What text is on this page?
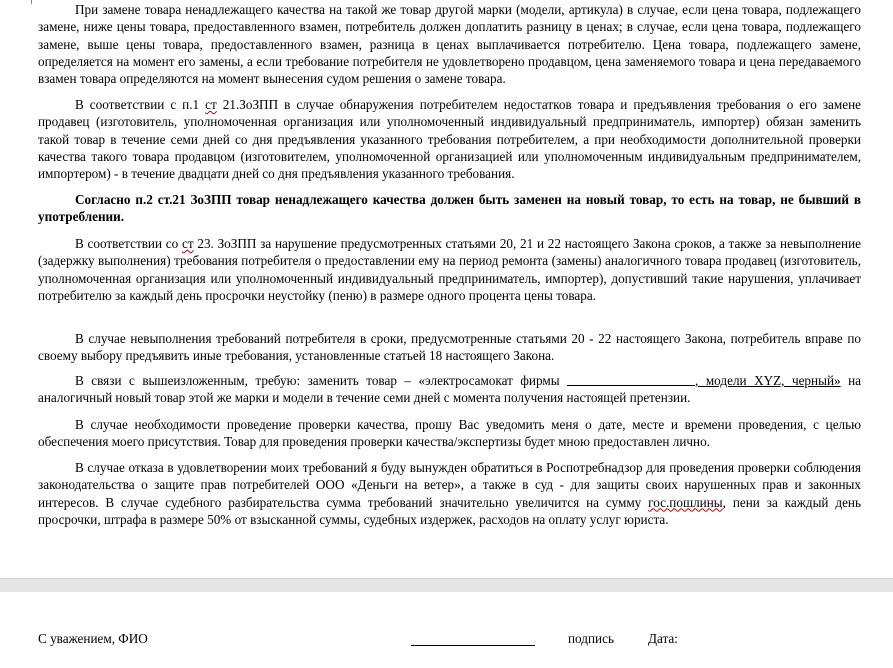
При замене товара ненадлежащего качества на такой же товар другой марки (модели, артикула) в случае, если цена товара, подлежащего замене, ниже цены товара, предоставленного взамен, потребитель должен доплатить разницу в ценах; в случае, если цена товара, подлежащего замене, выше цены товара, предоставленного взамен, разница в ценах выплачивается потребителю. Цена товара, подлежащего замене, определяется на момент его замены, а если требование потребителя не удовлетворено продавцом, цена заменяемого товара и цена передаваемого взамен товара определяются на момент вынесения судом решения о замене товара.

В соответствии с п.1 ст 21.ЗоЗПП в случае обнаружения потребителем недостатков товара и предъявления требования о его замене продавец (изготовитель, уполномоченная организация или уполномоченный индивидуальный предприниматель, импортер) обязан заменить такой товар в течение семи дней со дня предъявления указанного требования потребителем, а при необходимости дополнительной проверки качества такого товара продавцом (изготовителем, уполномоченной организацией или уполномоченным индивидуальным предпринимателем, импортером) - в течение двадцати дней со дня предъявления указанного требования.

Согласно п.2 ст.21 ЗоЗПП товар ненадлежащего качества должен быть заменен на новый товар, то есть на товар, не бывший в употреблении.

В соответствии со ст 23. ЗоЗПП за нарушение предусмотренных статьями 20, 21 и 22 настоящего Закона сроков, а также за невыполнение (задержку выполнения) требования потребителя о предоставлении ему на период ремонта (замены) аналогичного товара продавец (изготовитель, уполномоченная организация или уполномоченный индивидуальный предприниматель, импортер), допустивший такие нарушения, уплачивает потребителю за каждый день просрочки неустойку (пеню) в размере одного процента цены товара.

В случае невыполнения требований потребителя в сроки, предусмотренные статьями 20 - 22 настоящего Закона, потребитель вправе по своему выбору предъявить иные требования, установленные статьей 18 настоящего Закона.

В связи с вышеизложенным, требую: заменить товар – «электросамокат фирмы	, модели XYZ, черный» на аналогичный новый товар этой же марки и модели в течение семи дней с момента получения настоящей претензии.

В случае необходимости проведение проверки качества, прошу Вас уведомить меня о дате, месте и времени проведения, с целью обеспечения моего присутствия. Товар для проведения проверки качества/экспертизы будет мною предоставлен лично.

В случае отказа в удовлетворении моих требований я буду вынужден обратиться в Роспотребнадзор для проведения проверки соблюдения законодательства о защите прав потребителей ООО «Деньги на ветер», а также в суд - для защиты своих нарушенных прав и законных интересов. В случае судебного разбирательства сумма требований значительно увеличится на сумму гос.пошлины, пени за каждый день просрочки, штрафа в размере 50% от взысканной суммы, судебных издержек, расходов на оплату услуг юриста.

С уважением, ФИО	подпись	Дата:
